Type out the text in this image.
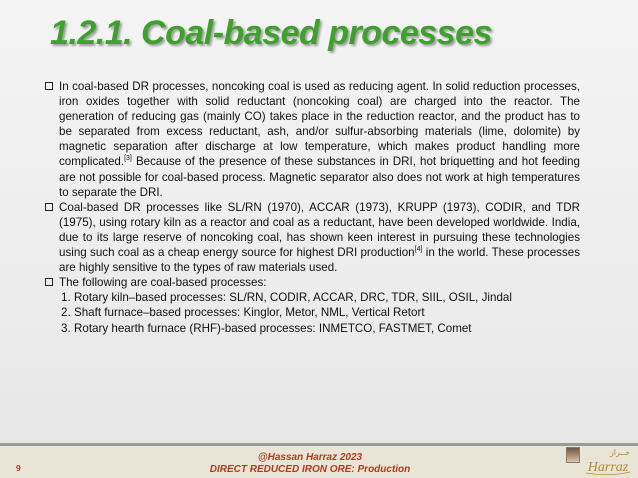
1.2.1. Coal-based processes
In coal-based DR processes, noncoking coal is used as reducing agent. In solid reduction processes, iron oxides together with solid reductant (noncoking coal) are charged into the reactor. The generation of reducing gas (mainly CO) takes place in the reduction reactor, and the product has to be separated from excess reductant, ash, and/or sulfur-absorbing materials (lime, dolomite) by magnetic separation after discharge at low temperature, which makes product handling more complicated.[3] Because of the presence of these substances in DRI, hot briquetting and hot feeding are not possible for coal-based process. Magnetic separator also does not work at high temperatures to separate the DRI.
Coal-based DR processes like SL/RN (1970), ACCAR (1973), KRUPP (1973), CODIR, and TDR (1975), using rotary kiln as a reactor and coal as a reductant, have been developed worldwide. India, due to its large reserve of noncoking coal, has shown keen interest in pursuing these technologies using such coal as a cheap energy source for highest DRI production[4] in the world. These processes are highly sensitive to the types of raw materials used.
The following are coal-based processes:
1. Rotary kiln–based processes: SL/RN, CODIR, ACCAR, DRC, TDR, SIIL, OSIL, Jindal
2. Shaft furnace–based processes: Kinglor, Metor, NML, Vertical Retort
3. Rotary hearth furnace (RHF)-based processes: INMETCO, FASTMET, Comet
9
@Hassan Harraz 2023
DIRECT REDUCED IRON ORE: Production
حــراز
Harraz
